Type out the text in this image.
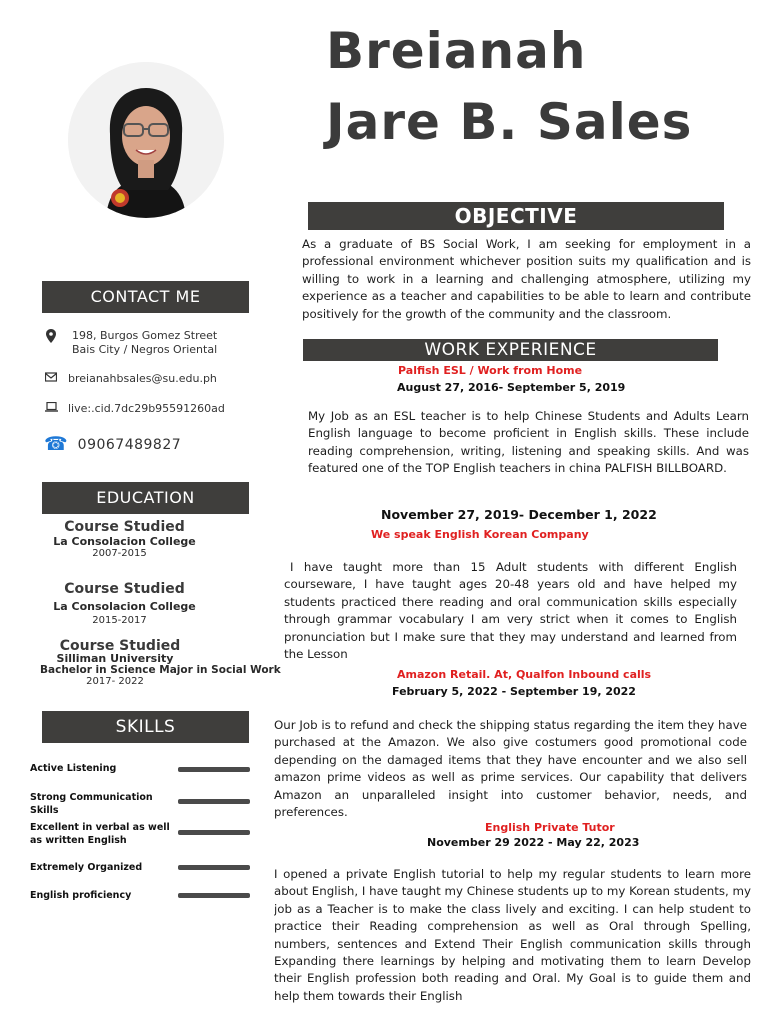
Breianah
Jare B. Sales
CONTACT ME
198, Burgos Gomez Street
Bais City / Negros Oriental
breianahbsales@su.edu.ph
live:.cid.7dc29b95591260ad
☎ 09067489827
EDUCATION
Course Studied
La Consolacion College
2007-2015
Course Studied
La Consolacion College
2015-2017
Course Studied
Silliman University
Bachelor in Science Major in Social Work
2017- 2022
SKILLS
Active Listening
Strong Communication Skills
Excellent in verbal as well as written English
Extremely Organized
English proficiency
OBJECTIVE
As a graduate of BS Social Work, I am seeking for employment in a professional environment whichever position suits my qualification and is willing to work in a learning and challenging atmosphere, utilizing my experience as a teacher and capabilities to be able to learn and contribute positively for the growth of the community and the classroom.
WORK EXPERIENCE
Palfish ESL / Work from Home
August 27, 2016- September 5, 2019
My Job as an ESL teacher is to help Chinese Students and Adults Learn English language to become proficient in English skills. These include reading comprehension, writing, listening and speaking skills. And was featured one of the TOP English teachers in china PALFISH BILLBOARD.
November 27, 2019- December 1, 2022
We speak English Korean Company
I have taught more than 15 Adult students with different English courseware, I have taught ages 20-48 years old and have helped my students practiced there reading and oral communication skills especially through grammar vocabulary I am very strict when it comes to English pronunciation but I make sure that they may understand and learned from the Lesson
Amazon Retail. At, Qualfon Inbound calls
February 5, 2022 - September 19, 2022
Our Job is to refund and check the shipping status regarding the item they have purchased at the Amazon. We also give costumers good promotional code depending on the damaged items that they have encounter and we also sell amazon prime videos as well as prime services. Our capability that delivers Amazon an unparalleled insight into customer behavior, needs, and preferences.
English Private Tutor
November 29 2022 - May 22, 2023
I opened a private English tutorial to help my regular students to learn more about English, I have taught my Chinese students up to my Korean students, my job as a Teacher is to make the class lively and exciting. I can help student to practice their Reading comprehension as well as Oral through Spelling, numbers, sentences and Extend Their English communication skills through Expanding there learnings by helping and motivating them to learn Develop their English profession both reading and Oral. My Goal is to guide them and help them towards their English
